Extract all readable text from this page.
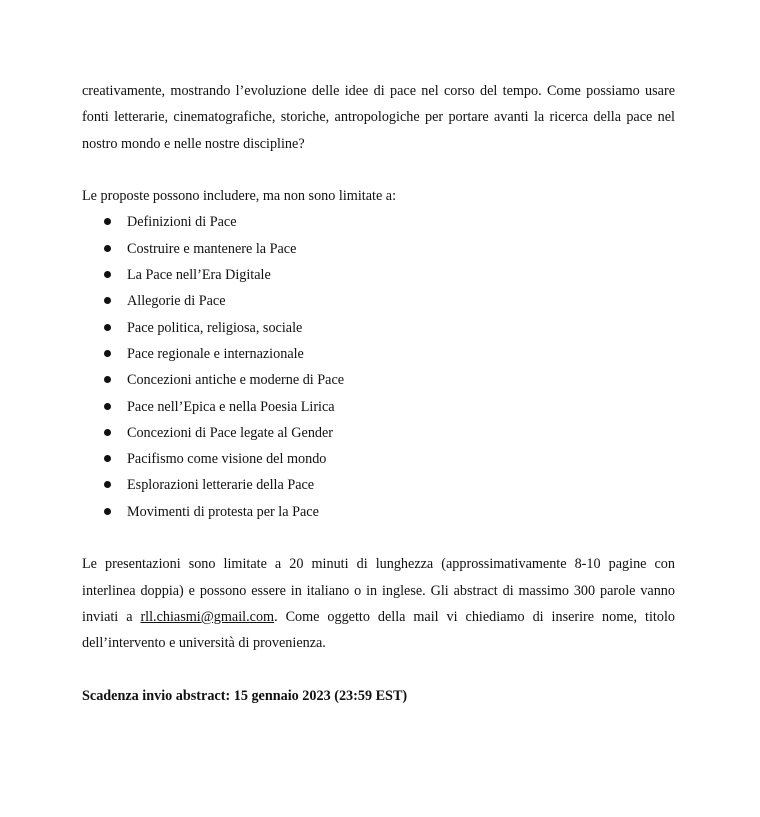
creativamente, mostrando l’evoluzione delle idee di pace nel corso del tempo. Come possiamo usare fonti letterarie, cinematografiche, storiche, antropologiche per portare avanti la ricerca della pace nel nostro mondo e nelle nostre discipline?

Le proposte possono includere, ma non sono limitate a:

Definizioni di Pace
Costruire e mantenere la Pace
La Pace nell’Era Digitale
Allegorie di Pace
Pace politica, religiosa, sociale
Pace regionale e internazionale
Concezioni antiche e moderne di Pace
Pace nell’Epica e nella Poesia Lirica
Concezioni di Pace legate al Gender
Pacifismo come visione del mondo
Esplorazioni letterarie della Pace
Movimenti di protesta per la Pace

Le presentazioni sono limitate a 20 minuti di lunghezza (approssimativamente 8-10 pagine con interlinea doppia) e possono essere in italiano o in inglese. Gli abstract di massimo 300 parole vanno inviati a rll.chiasmi@gmail.com. Come oggetto della mail vi chiediamo di inserire nome, titolo dell’intervento e università di provenienza.

Scadenza invio abstract: 15 gennaio 2023 (23:59 EST)
